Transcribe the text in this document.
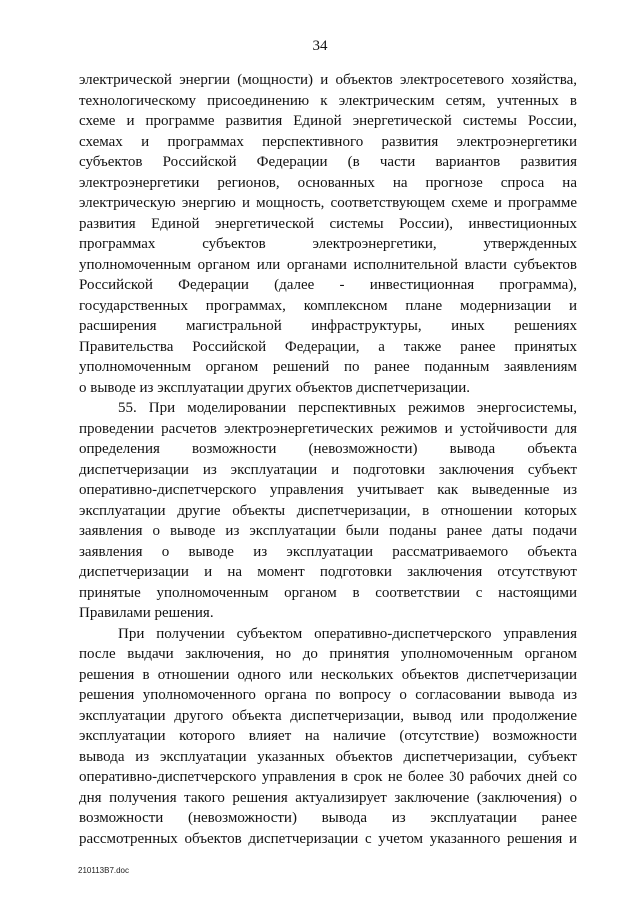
34
электрической энергии (мощности) и объектов электросетевого хозяйства,
технологическому присоединению к электрическим сетям, учтенных в
схеме и программе развития Единой энергетической системы России,
схемах и программах перспективного развития электроэнергетики
субъектов Российской Федерации (в части вариантов развития
электроэнергетики регионов, основанных на прогнозе спроса на
электрическую энергию и мощность, соответствующем схеме и программе
развития Единой энергетической системы России), инвестиционных
программах субъектов электроэнергетики, утвержденных
уполномоченным органом или органами исполнительной власти субъектов
Российской Федерации (далее - инвестиционная программа),
государственных программах, комплексном плане модернизации и
расширения магистральной инфраструктуры, иных решениях
Правительства Российской Федерации, а также ранее принятых
уполномоченным органом решений по ранее поданным заявлениям
о выводе из эксплуатации других объектов диспетчеризации.
55. При моделировании перспективных режимов энергосистемы,
проведении расчетов электроэнергетических режимов и устойчивости для
определения возможности (невозможности) вывода объекта
диспетчеризации из эксплуатации и подготовки заключения субъект
оперативно-диспетчерского управления учитывает как выведенные из
эксплуатации другие объекты диспетчеризации, в отношении которых
заявления о выводе из эксплуатации были поданы ранее даты подачи
заявления о выводе из эксплуатации рассматриваемого объекта
диспетчеризации и на момент подготовки заключения отсутствуют
принятые уполномоченным органом в соответствии с настоящими
Правилами решения.
При получении субъектом оперативно-диспетчерского управления
после выдачи заключения, но до принятия уполномоченным органом
решения в отношении одного или нескольких объектов диспетчеризации
решения уполномоченного органа по вопросу о согласовании вывода из
эксплуатации другого объекта диспетчеризации, вывод или продолжение
эксплуатации которого влияет на наличие (отсутствие) возможности
вывода из эксплуатации указанных объектов диспетчеризации, субъект
оперативно-диспетчерского управления в срок не более 30 рабочих дней со
дня получения такого решения актуализирует заключение (заключения) о
возможности (невозможности) вывода из эксплуатации ранее
рассмотренных объектов диспетчеризации с учетом указанного решения и
210113B7.doc
